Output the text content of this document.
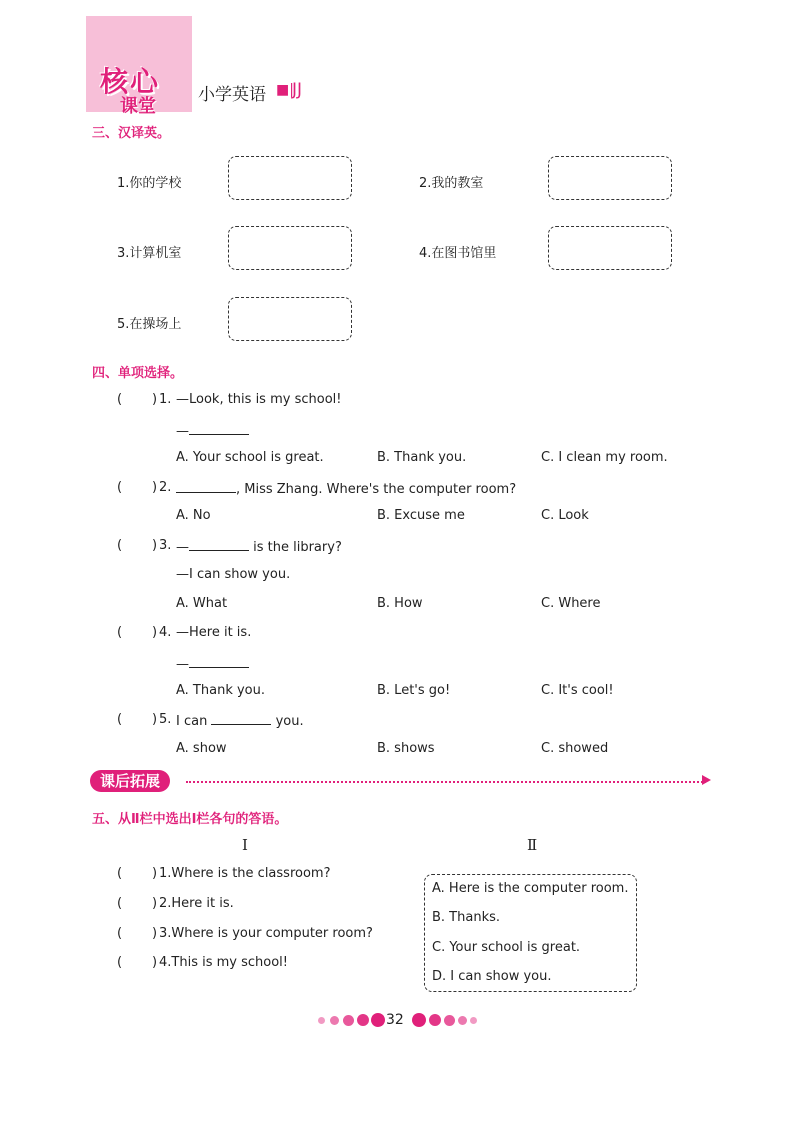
核心
课堂
小学英语 ■|
JJ
三、汉译英。
1.你的学校	2.我的教室
3.计算机室	4.在图书馆里
5.在操场上
四、单项选择。
( ) 1. —Look, this is my school!
—
A. Your school is great.	B. Thank you.	C. I clean my room.
( ) 2.	, Miss Zhang. Where's the computer room?
A. No	B. Excuse me	C. Look
( ) 3. —	is the library?
—I can show you.
A. What	B. How	C. Where
( ) 4. —Here it is.
—
A. Thank you.	B. Let's go!	C. It's cool!
( ) 5. I can	you.
A. show	B. shows	C. showed
课后拓展
五、从Ⅱ栏中选出Ⅰ栏各句的答语。
Ⅰ	Ⅱ
( ) 1.Where is the classroom?
( ) 2.Here it is.
( ) 3.Where is your computer room?
( ) 4.This is my school!
A. Here is the computer room.
B. Thanks.
C. Your school is great.
D. I can show you.
32
